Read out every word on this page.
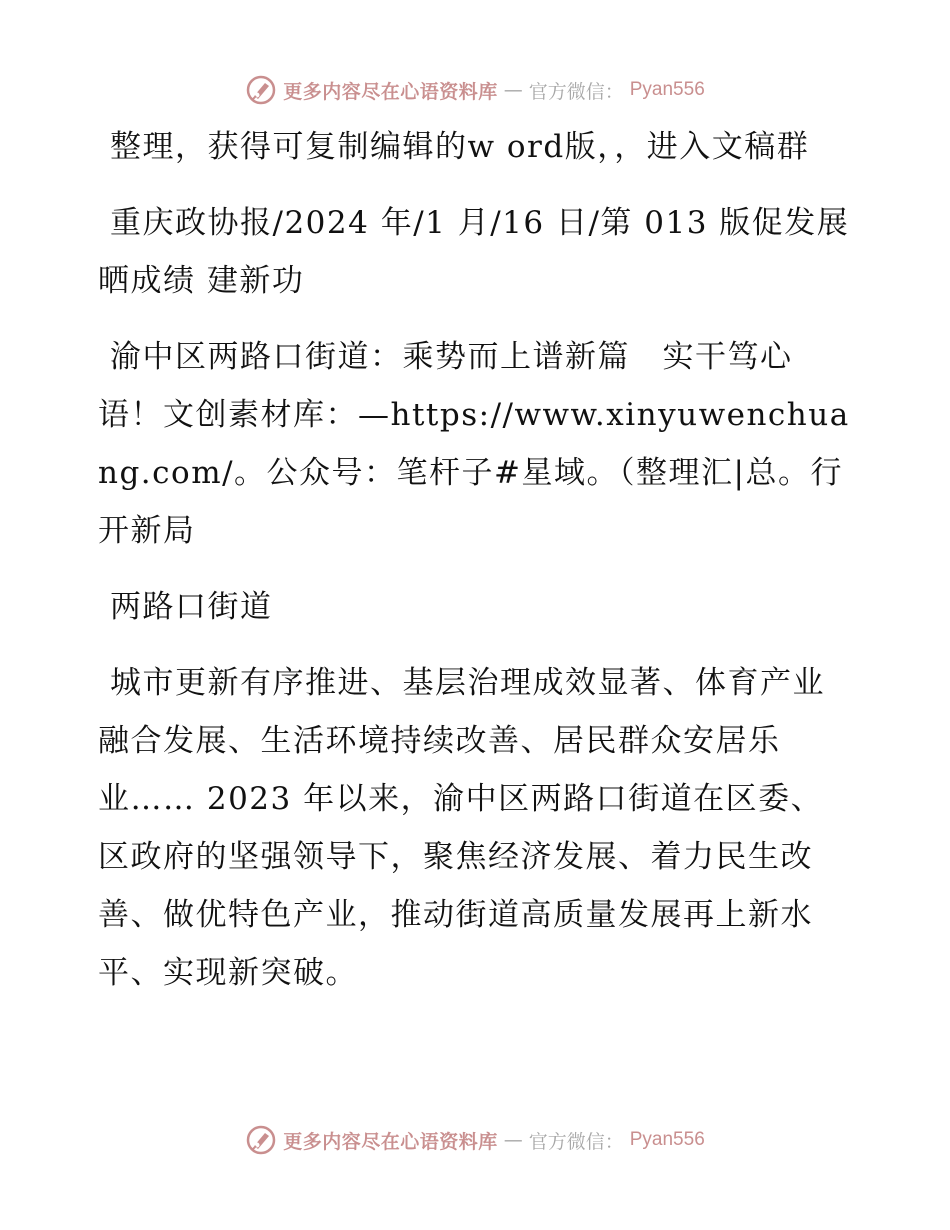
更多内容尽在心语资料库 — 官方微信： Pyan556

整理，获得可复制编辑的w ord版，，进入文稿群

重庆政协报/2024 年/1 月/16 日/第 013 版促发展 晒成绩 建新功

渝中区两路口街道：乘势而上谱新篇　实干笃心语！文创素材库：—https://www.xinyuwenchuang.com/。公众号：笔杆子#星域。（整理汇|总。行开新局

两路口街道

城市更新有序推进、基层治理成效显著、体育产业融合发展、生活环境持续改善、居民群众安居乐业…… 2023 年以来，渝中区两路口街道在区委、区政府的坚强领导下，聚焦经济发展、着力民生改善、做优特色产业，推动街道高质量发展再上新水平、实现新突破。

更多内容尽在心语资料库 — 官方微信： Pyan556
